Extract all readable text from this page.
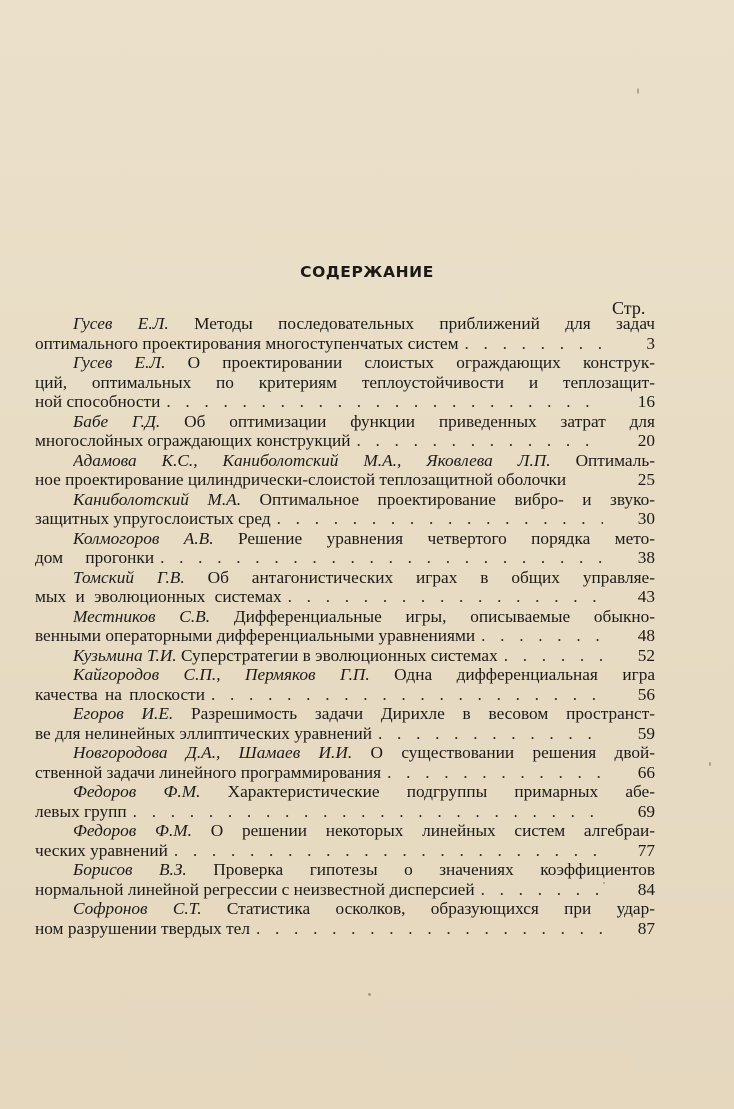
СОДЕРЖАНИЕ
Стр.
Гусев Е.Л. Методы последовательных приближений для задач
оптимального проектирования многоступенчатых систем . . .	3
Гусев Е.Л. О проектировании слоистых ограждающих конструк-
ций, оптимальных по критериям теплоустойчивости и теплозащит-
ной способности . . .	16
Бабе Г.Д. Об оптимизации функции приведенных затрат для
многослойных ограждающих конструкций . . .	20
Адамова К.С., Каниболотский М.А., Яковлева Л.П. Оптималь-
ное проектирование цилиндрически-слоистой теплозащитной оболочки	25
Каниболотский М.А. Оптимальное проектирование вибро- и звуко-
защитных упругослоистых сред . . .	30
Колмогоров А.В. Решение уравнения четвертого порядка мето-
дом прогонки . . .	38
Томский Г.В. Об антагонистических играх в общих управляе-
мых и эволюционных системах . . .	43
Местников С.В. Дифференциальные игры, описываемые обыкно-
венными операторными дифференциальными уравнениями . . .	48
Кузьмина Т.И. Суперстратегии в эволюционных системах . . .	52
Кайгородов С.П., Пермяков Г.П. Одна дифференциальная игра
качества на плоскости . . .	56
Егоров И.Е. Разрешимость задачи Дирихле в весовом пространст-
ве для нелинейных эллиптических уравнений . . .	59
Новгородова Д.А., Шамаев И.И. О существовании решения двой-
ственной задачи линейного программирования . . .	66
Федоров Ф.М. Характеристические подгруппы примарных абе-
левых групп . . .	69
Федоров Ф.М. О решении некоторых линейных систем алгебраи-
ческих уравнений . . .	77
Борисов В.З. Проверка гипотезы о значениях коэффициентов
нормальной линейной регрессии с неизвестной дисперсией . . .	84
Софронов С.Т. Статистика осколков, образующихся при удар-
ном разрушении твердых тел . . .	87
